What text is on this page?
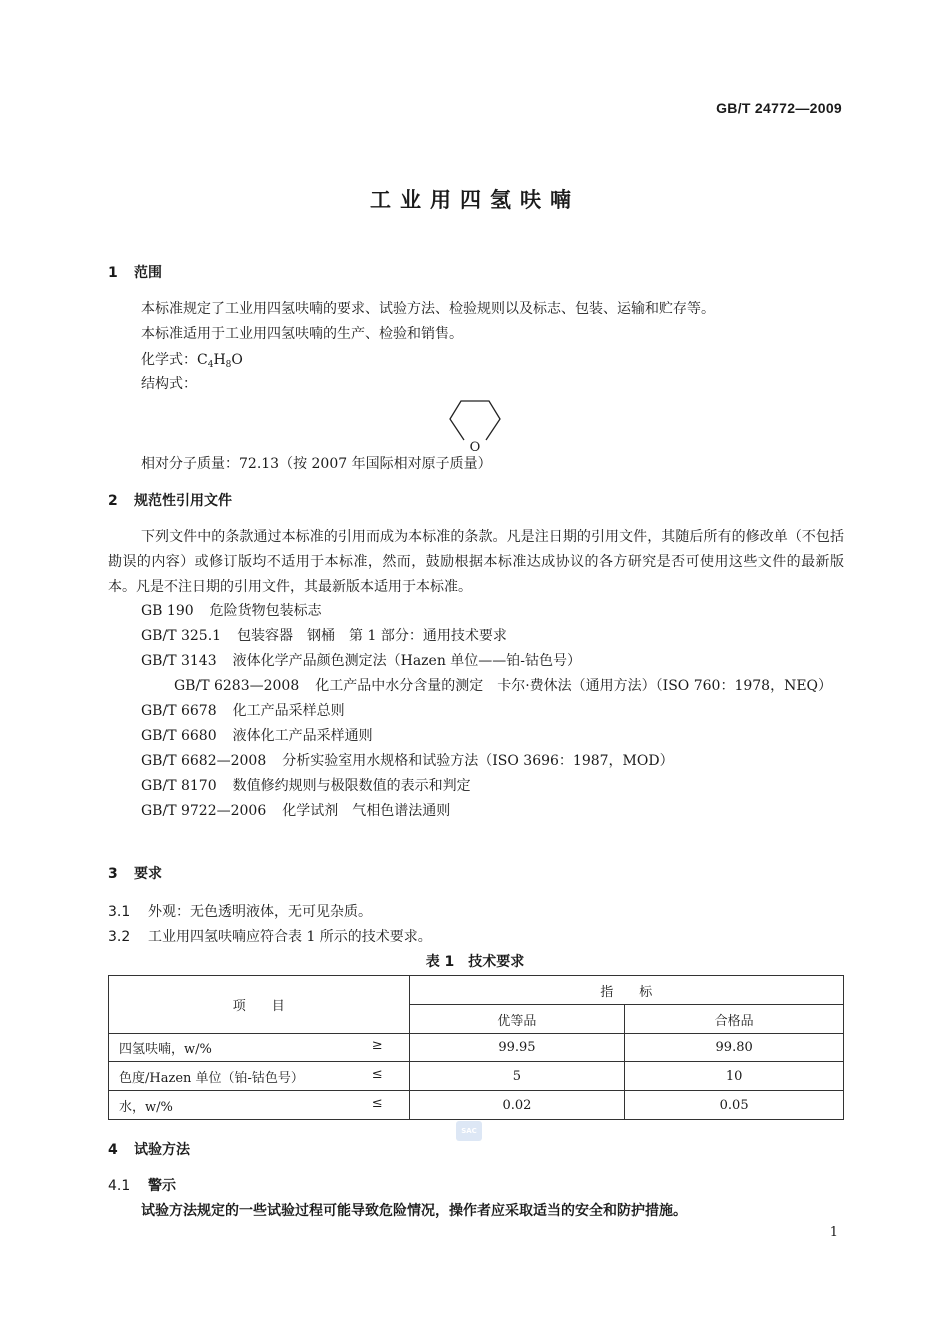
GB/T 24772—2009
工业用四氢呋喃
1 范围
本标准规定了工业用四氢呋喃的要求、试验方法、检验规则以及标志、包装、运输和贮存等。
本标准适用于工业用四氢呋喃的生产、检验和销售。
化学式：$C_4H_8O$
结构式：
O
相对分子质量：72.13（按 2007 年国际相对原子质量）
2 规范性引用文件
下列文件中的条款通过本标准的引用而成为本标准的条款。凡是注日期的引用文件，其随后所有的修改单（不包括勘误的内容）或修订版均不适用于本标准，然而，鼓励根据本标准达成协议的各方研究是否可使用这些文件的最新版本。凡是不注日期的引用文件，其最新版本适用于本标准。
GB 190 危险货物包装标志
GB/T 325.1 包装容器　钢桶　第 1 部分：通用技术要求
GB/T 3143 液体化学产品颜色测定法（Hazen 单位——铂-钴色号）
GB/T 6283—2008 化工产品中水分含量的测定　卡尔·费休法（通用方法）（ISO 760：1978，NEQ）
GB/T 6678 化工产品采样总则
GB/T 6680 液体化工产品采样通则
GB/T 6682—2008 分析实验室用水规格和试验方法（ISO 3696：1987，MOD）
GB/T 8170 数值修约规则与极限数值的表示和判定
GB/T 9722—2006 化学试剂　气相色谱法通则
3 要求
3.1 外观：无色透明液体，无可见杂质。
3.2 工业用四氢呋喃应符合表 1 所示的技术要求。
表 1　技术要求
项　　目	指　　标	
	优等品	合格品
四氢呋喃，w/% ≥	99.95	99.80
色度/Hazen 单位（铂-钴色号） ≤	5	10
水，w/% ≤	0.02	0.05
SAC
4 试验方法
4.1 警示
试验方法规定的一些试验过程可能导致危险情况，操作者应采取适当的安全和防护措施。
1
